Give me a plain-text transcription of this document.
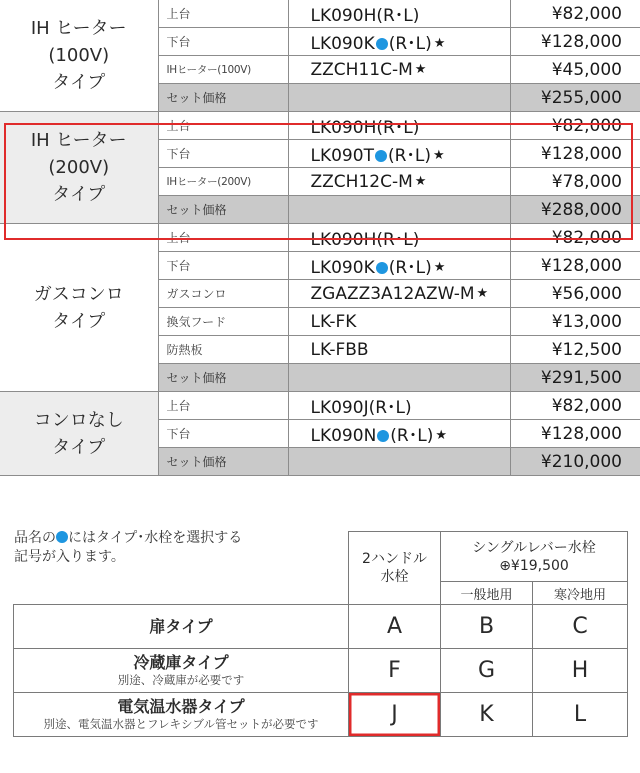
IH ヒーター
(100V)
タイプ	上台	LK090H(R･L)	¥82,000
	下台	LK090K (R･L) ★	¥128,000
	IHヒーター(100V)	ZZCH11C-M ★	¥45,000
	セット価格		¥255,000
IH ヒーター
(200V)
タイプ	上台	LK090H(R･L)	¥82,000
	下台	LK090T (R･L) ★	¥128,000
	IHヒーター(200V)	ZZCH12C-M ★	¥78,000
	セット価格		¥288,000
ガスコンロ
タイプ	上台	LK090H(R･L)	¥82,000
	下台	LK090K (R･L) ★	¥128,000
	ガスコンロ	ZGAZZ3A12AZW-M ★	¥56,000
	換気フード	LK-FK	¥13,000
	防熱板	LK-FBB	¥12,500
	セット価格		¥291,500
コンロなし
タイプ	上台	LK090J(R･L)	¥82,000
	下台	LK090N (R･L) ★	¥128,000
	セット価格		¥210,000
	2ハンドル
水栓	シングルレバー水栓
⊕¥19,500	
		一般地用	寒冷地用

扉タイプ	A	B	C

冷蔵庫タイプ
別途、冷蔵庫が必要です	F	G	H

電気温水器タイプ
別途、電気温水器とフレキシブル管セットが必要です	J	K	L
品名の にはタイプ･水栓を選択する
記号が入ります。
